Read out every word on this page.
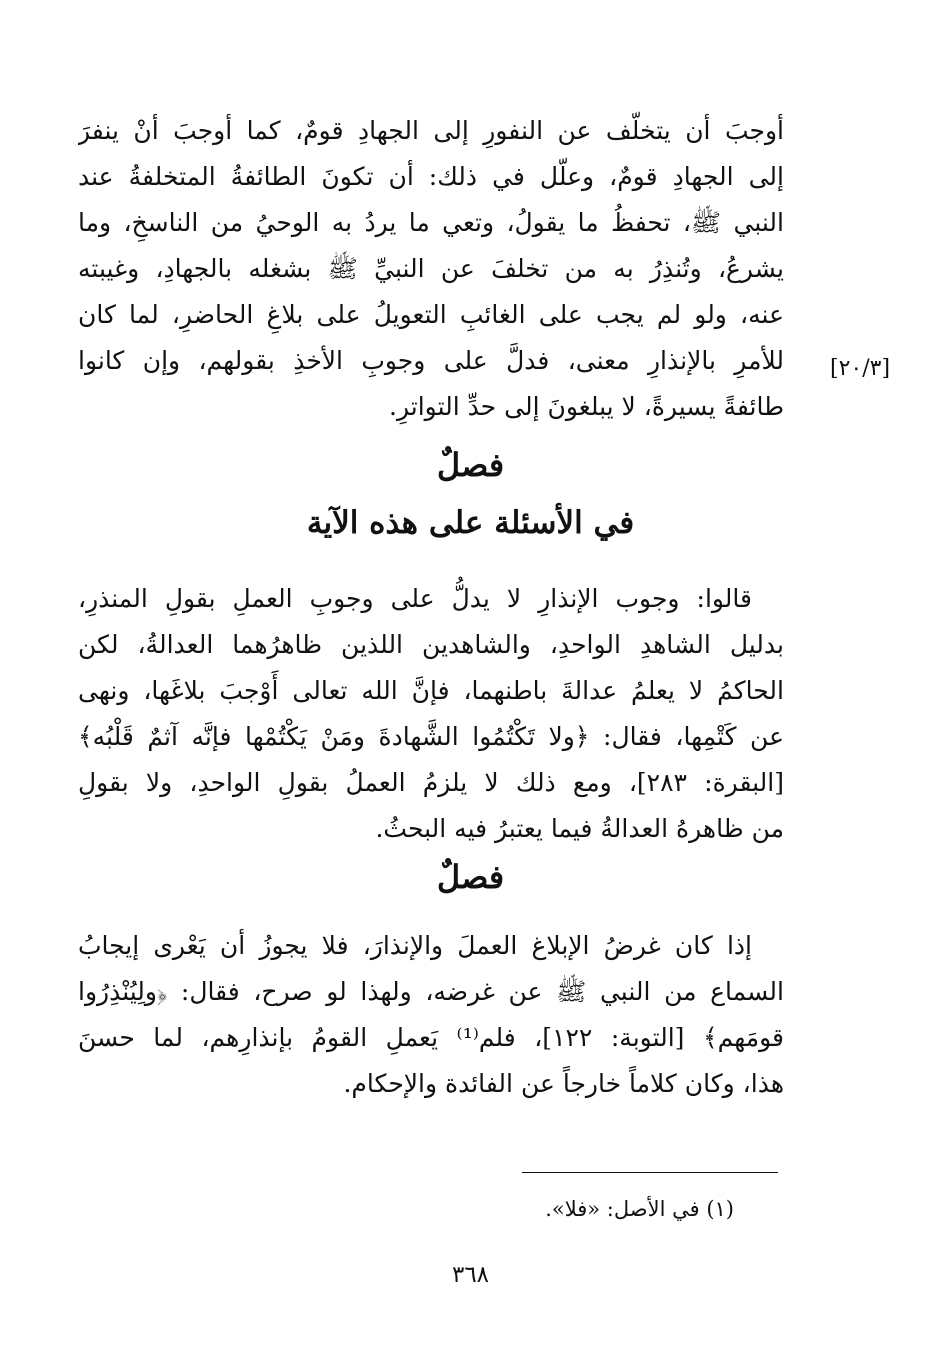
[٢٠/٣]
أوجبَ أن يتخلّف عن النفورِ إلى الجهادِ قومٌ، كما أوجبَ أنْ ينفرَ
إلى الجهادِ قومٌ، وعلّل في ذلك: أن تكونَ الطائفةُ المتخلفةُ عند
النبي ﷺ، تحفظُ ما يقولُ، وتعي ما يردُ به الوحيُ من الناسخِ، وما
يشرعُ، وتُنذِرُ به من تخلفَ عن النبيِّ ﷺ بشغله بالجهادِ، وغيبته
عنه، ولو لم يجب على الغائبِ التعويلُ على بلاغِ الحاضرِ، لما كان
للأمرِ بالإنذارِ معنى، فدلَّ على وجوبِ الأخذِ بقولهم، وإن كانوا
طائفةً يسيرةً، لا يبلغونَ إلى حدِّ التواترِ.
فصلٌ
في الأسئلة على هذه الآية
قالوا: وجوب الإنذارِ لا يدلُّ على وجوبِ العملِ بقولِ المنذرِ،
بدليل الشاهدِ الواحدِ، والشاهدين اللذين ظاهرُهما العدالةُ، لكن
الحاكمُ لا يعلمُ عدالةَ باطنهما، فإنَّ الله تعالى أَوْجبَ بلاغَها، ونهى
عن كَتْمِها، فقال: ﴿ولا تَكْتُمُوا الشَّهادةَ ومَنْ يَكْتُمْها فإنَّه آثمٌ قَلْبُه﴾
[البقرة: ٢٨٣]، ومع ذلك لا يلزمُ العملُ بقولِ الواحدِ، ولا بقولِ
من ظاهرهُ العدالةُ فيما يعتبرُ فيه البحثُ.
فصلٌ
إذا كان غرضُ الإبلاغ العملَ والإنذارَ، فلا يجوزُ أن يَعْرى إيجابُ
السماع من النبي ﷺ عن غرضه، ولهذا لو صرح، فقال: ﴿ولِيُنْذِرُوا
قومَهم﴾ [التوبة: ١٢٢]، فلم⁽¹⁾ يَعملِ القومُ بإنذارِهم، لما حسنَ
هذا، وكان كلاماً خارجاً عن الفائدة والإحكام.
(١) في الأصل: «فلا».
٣٦٨
